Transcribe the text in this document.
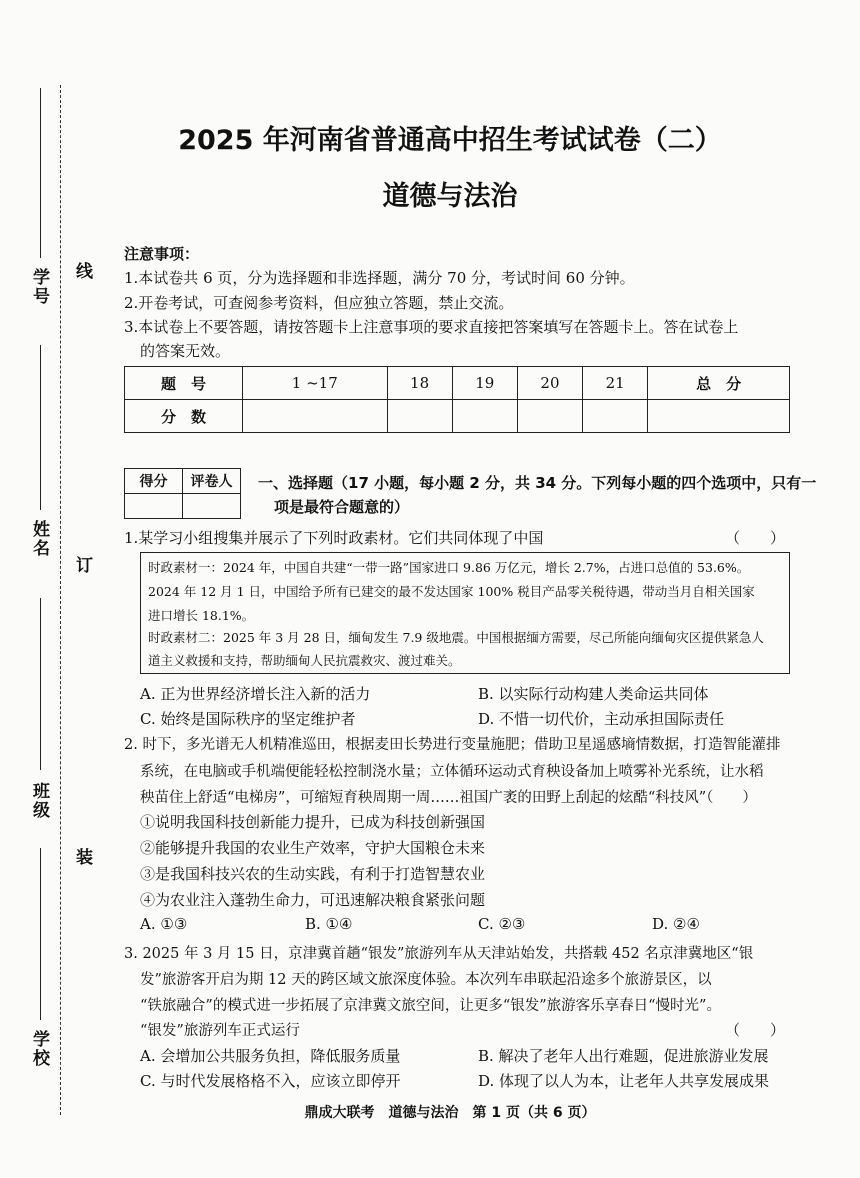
学号
姓名
班级
学校
线
订
装
2025 年河南省普通高中招生考试试卷（二）
道德与法治
注意事项：
1.本试卷共 6 页，分为选择题和非选择题，满分 70 分，考试时间 60 分钟。
2.开卷考试，可查阅参考资料，但应独立答题，禁止交流。
3.本试卷上不要答题，请按答题卡上注意事项的要求直接把答案填写在答题卡上。答在试卷上
的答案无效。
题　号	1 ~17	18	19	20	21	总　分
分　数						
得分	评卷人
	一、选择题（17 小题，每小题 2 分，共 34 分。下列每小题的四个选项中，只有一
项是最符合题意的）
1.某学习小组搜集并展示了下列时政素材。它们共同体现了中国	（　　）
时政素材一：2024 年，中国自共建“一带一路”国家进口 9.86 万亿元，增长 2.7%，占进口总值的 53.6%。
2024 年 12 月 1 日，中国给予所有已建交的最不发达国家 100% 税目产品零关税待遇，带动当月自相关国家
进口增长 18.1%。
时政素材二：2025 年 3 月 28 日，缅甸发生 7.9 级地震。中国根据缅方需要，尽己所能向缅甸灾区提供紧急人
道主义救援和支持，帮助缅甸人民抗震救灾、渡过难关。
A. 正为世界经济增长注入新的活力	B. 以实际行动构建人类命运共同体
C. 始终是国际秩序的坚定维护者	D. 不惜一切代价，主动承担国际责任
2. 时下，多光谱无人机精准巡田，根据麦田长势进行变量施肥；借助卫星遥感墒情数据，打造智能灌排
系统，在电脑或手机端便能轻松控制浇水量；立体循环运动式育秧设备加上喷雾补光系统，让水稻
秧苗住上舒适“电梯房”，可缩短育秧周期一周……祖国广袤的田野上刮起的炫酷“科技风”（　　）
①说明我国科技创新能力提升，已成为科技创新强国
②能够提升我国的农业生产效率，守护大国粮仓未来
③是我国科技兴农的生动实践，有利于打造智慧农业
④为农业注入蓬勃生命力，可迅速解决粮食紧张问题
A. ①③	B. ①④	C. ②③	D. ②④
3. 2025 年 3 月 15 日，京津冀首趟“银发”旅游列车从天津站始发，共搭载 452 名京津冀地区“银
发”旅游客开启为期 12 天的跨区域文旅深度体验。本次列车串联起沿途多个旅游景区，以
“铁旅融合”的模式进一步拓展了京津冀文旅空间，让更多“银发”旅游客乐享春日“慢时光”。
“银发”旅游列车正式运行	（　　）
A. 会增加公共服务负担，降低服务质量	B. 解决了老年人出行难题，促进旅游业发展
C. 与时代发展格格不入，应该立即停开	D. 体现了以人为本，让老年人共享发展成果
鼎成大联考　道德与法治　第 1 页（共 6 页）
